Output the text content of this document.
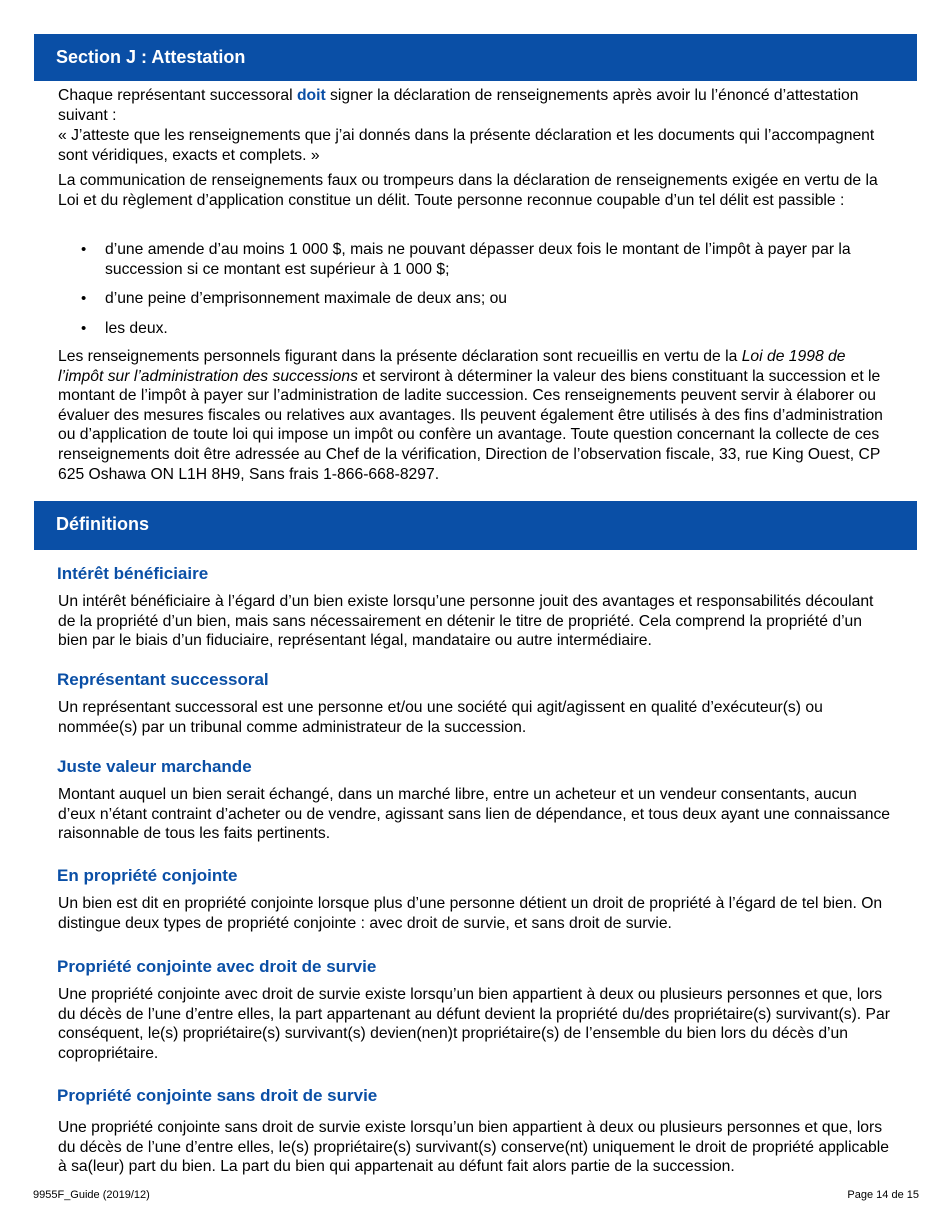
Section J : Attestation

Chaque représentant successoral doit signer la déclaration de renseignements après avoir lu l’énoncé d’attestation suivant :

« J’atteste que les renseignements que j’ai donnés dans la présente déclaration et les documents qui l’accompagnent sont véridiques, exacts et complets. »

La communication de renseignements faux ou trompeurs dans la déclaration de renseignements exigée en vertu de la Loi et du règlement d’application constitue un délit. Toute personne reconnue coupable d’un tel délit est passible :

• d’une amende d’au moins 1 000 $, mais ne pouvant dépasser deux fois le montant de l’impôt à payer par la succession si ce montant est supérieur à 1 000 $;

• d’une peine d’emprisonnement maximale de deux ans; ou

• les deux.

Les renseignements personnels figurant dans la présente déclaration sont recueillis en vertu de la Loi de 1998 de l’impôt sur l’administration des successions et serviront à déterminer la valeur des biens constituant la succession et le montant de l’impôt à payer sur l’administration de ladite succession. Ces renseignements peuvent servir à élaborer ou évaluer des mesures fiscales ou relatives aux avantages. Ils peuvent également être utilisés à des fins d’administration ou d’application de toute loi qui impose un impôt ou confère un avantage. Toute question concernant la collecte de ces renseignements doit être adressée au Chef de la vérification, Direction de l’observation fiscale, 33, rue King Ouest, CP 625 Oshawa ON L1H 8H9, Sans frais 1-866-668-8297.

Définitions
Intérêt bénéficiaire

Un intérêt bénéficiaire à l’égard d’un bien existe lorsqu’une personne jouit des avantages et responsabilités découlant de la propriété d’un bien, mais sans nécessairement en détenir le titre de propriété. Cela comprend la propriété d’un bien par le biais d’un fiduciaire, représentant légal, mandataire ou autre intermédiaire.

Représentant successoral

Un représentant successoral est une personne et/ou une société qui agit/agissent en qualité d’exécuteur(s) ou nommée(s) par un tribunal comme administrateur de la succession.

Juste valeur marchande

Montant auquel un bien serait échangé, dans un marché libre, entre un acheteur et un vendeur consentants, aucun d’eux n’étant contraint d’acheter ou de vendre, agissant sans lien de dépendance, et tous deux ayant une connaissance raisonnable de tous les faits pertinents.

En propriété conjointe

Un bien est dit en propriété conjointe lorsque plus d’une personne détient un droit de propriété à l’égard de tel bien. On distingue deux types de propriété conjointe : avec droit de survie, et sans droit de survie.

Propriété conjointe avec droit de survie

Une propriété conjointe avec droit de survie existe lorsqu’un bien appartient à deux ou plusieurs personnes et que, lors du décès de l’une d’entre elles, la part appartenant au défunt devient la propriété du/des propriétaire(s) survivant(s). Par conséquent, le(s) propriétaire(s) survivant(s) devien(nen)t propriétaire(s) de l’ensemble du bien lors du décès d’un copropriétaire.

Propriété conjointe sans droit de survie

Une propriété conjointe sans droit de survie existe lorsqu’un bien appartient à deux ou plusieurs personnes et que, lors du décès de l’une d’entre elles, le(s) propriétaire(s) survivant(s) conserve(nt) uniquement le droit de propriété applicable à sa(leur) part du bien. La part du bien qui appartenait au défunt fait alors partie de la succession.

9955F_Guide (2019/12)	Page 14 de 15
